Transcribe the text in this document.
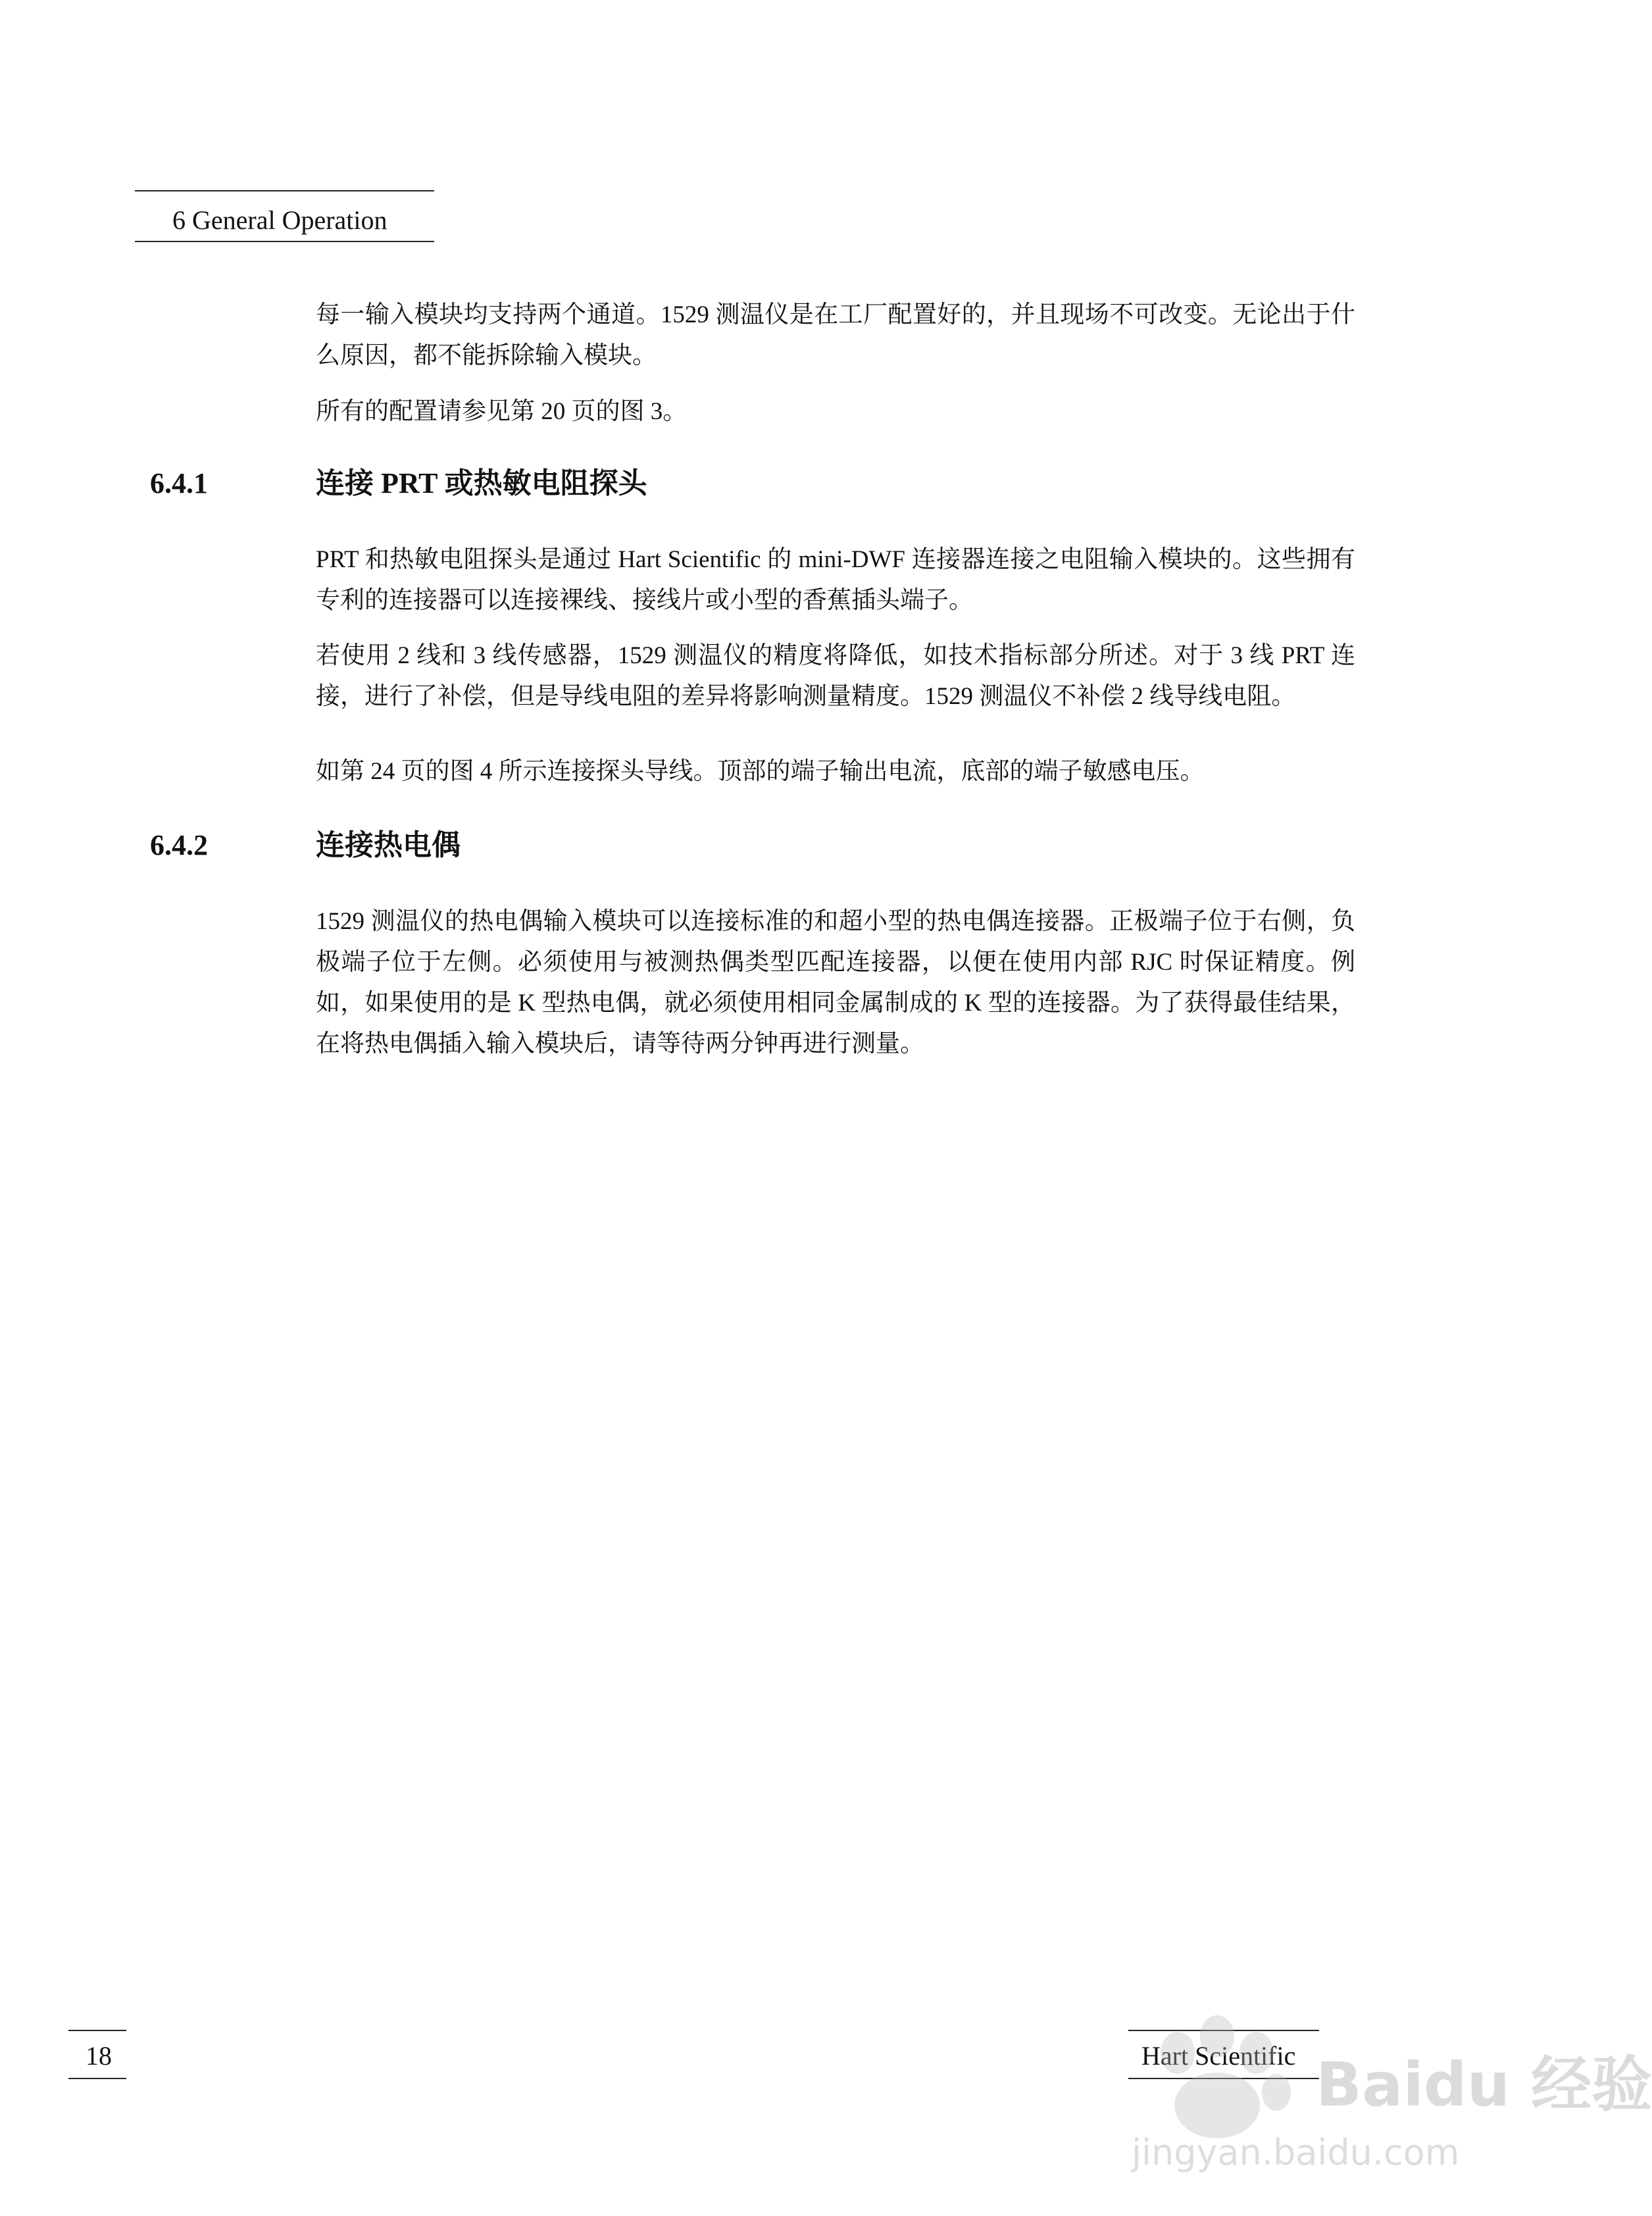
6 General Operation

每一输入模块均支持两个通道。1529 测温仪是在工厂配置好的，并且现场不可改变。无论出于什么原因，都不能拆除输入模块。

所有的配置请参见第 20 页的图 3。

6.4.1	连接 PRT 或热敏电阻探头

PRT 和热敏电阻探头是通过 Hart Scientific 的 mini-DWF 连接器连接之电阻输入模块的。这些拥有专利的连接器可以连接裸线、接线片或小型的香蕉插头端子。

若使用 2 线和 3 线传感器，1529 测温仪的精度将降低，如技术指标部分所述。对于 3 线 PRT 连接，进行了补偿，但是导线电阻的差异将影响测量精度。1529 测温仪不补偿 2 线导线电阻。

如第 24 页的图 4 所示连接探头导线。顶部的端子输出电流，底部的端子敏感电压。

6.4.2	连接热电偶

1529 测温仪的热电偶输入模块可以连接标准的和超小型的热电偶连接器。正极端子位于右侧，负极端子位于左侧。必须使用与被测热偶类型匹配连接器，以便在使用内部 RJC 时保证精度。例如，如果使用的是 K 型热电偶，就必须使用相同金属制成的 K 型的连接器。为了获得最佳结果，在将热电偶插入输入模块后，请等待两分钟再进行测量。

18	Hart Scientific Baidu 经验
jingyan.baidu.com
